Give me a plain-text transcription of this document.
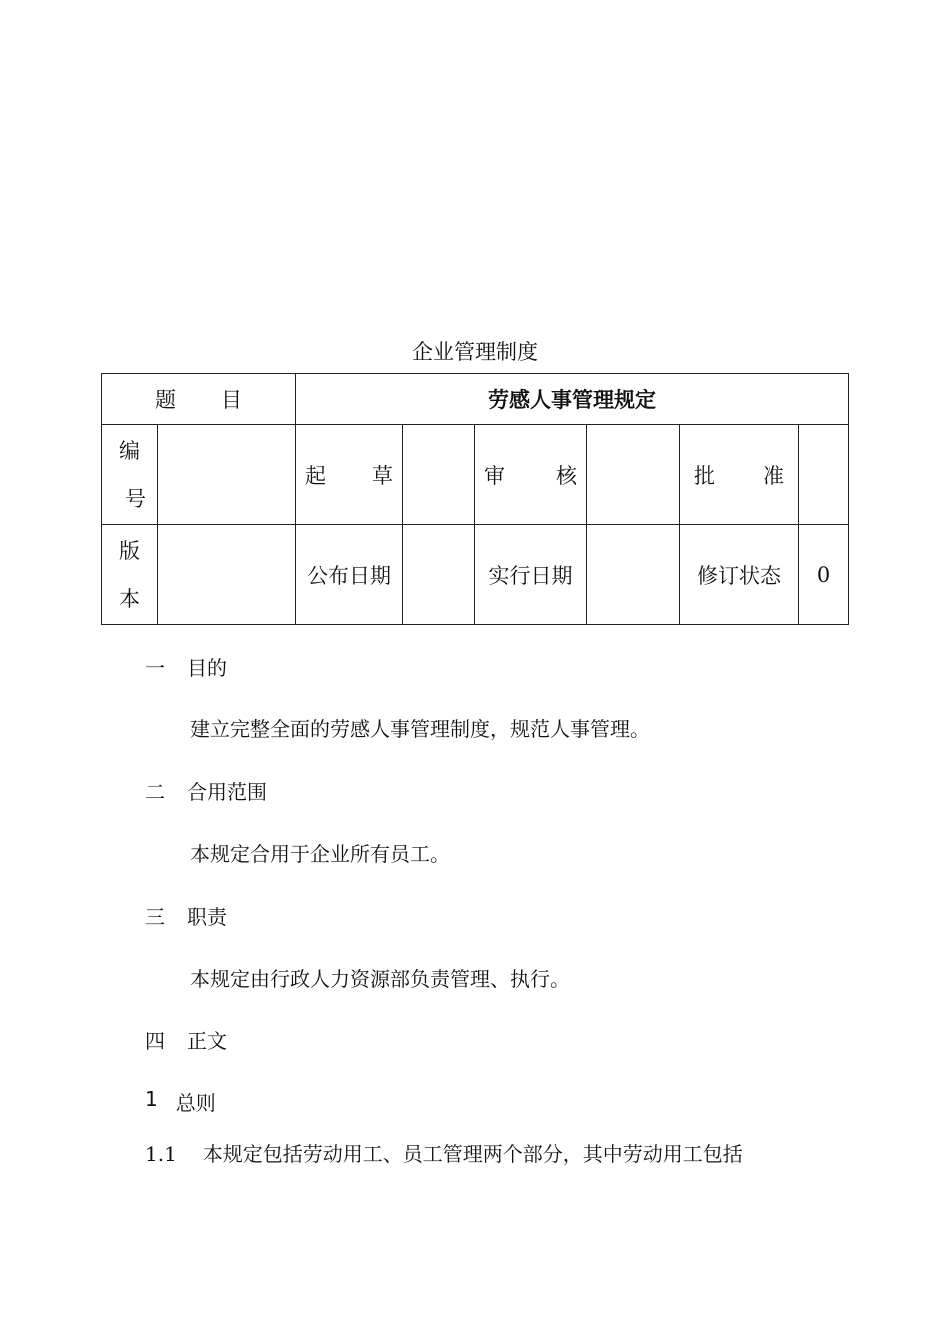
企业管理制度
题 目		劳感人事管理规定					

编
号		起 草		审 核		批 准	

版
本		公布日期		实行日期		修订状态	0
一 目的
建立完整全面的劳感人事管理制度，规范人事管理。
二 合用范围
本规定合用于企业所有员工。
三 职责
本规定由行政人力资源部负责管理、执行。
四 正文
1 总则
1.1 本规定包括劳动用工、员工管理两个部分，其中劳动用工包括
